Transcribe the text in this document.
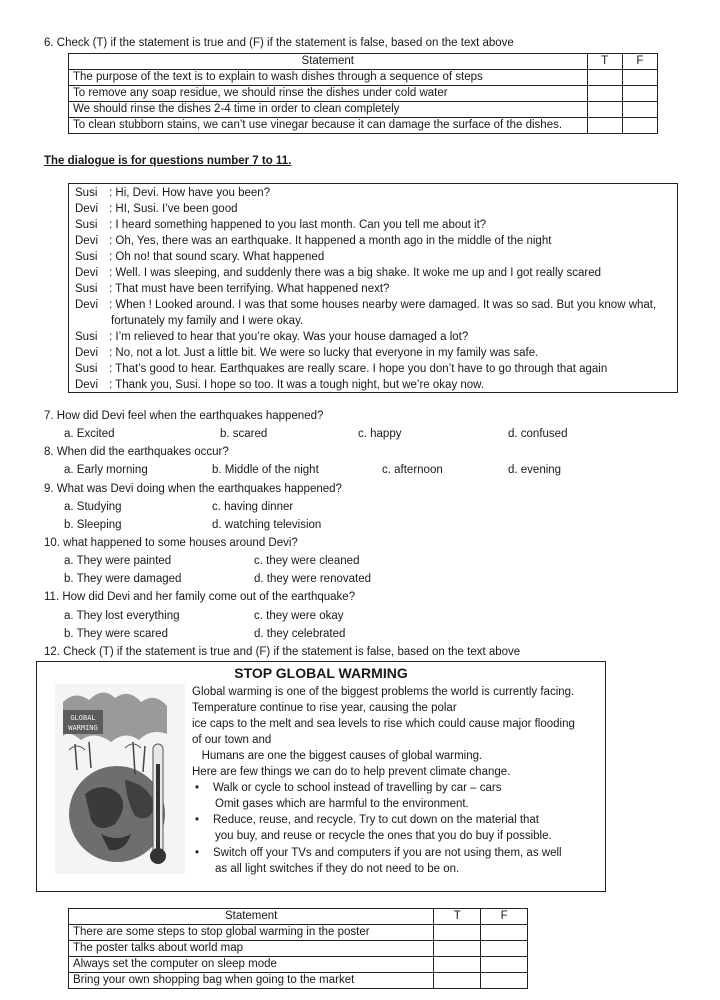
6. Check (T) if the statement is true and (F) if the statement is false, based on the text above
Statement	T	F
The purpose of the text is to explain to wash dishes through a sequence of steps		
To remove any soap residue, we should rinse the dishes under cold water		
We should rinse the dishes 2-4 time in order to clean completely		
To clean stubborn stains, we can’t use vinegar because it can damage the surface of the dishes.		
The dialogue is for questions number 7 to 11.
Susi : Hi, Devi. How have you been?
Devi : HI, Susi. I’ve been good
Susi : I heard something happened to you last month. Can you tell me about it?
Devi : Oh, Yes, there was an earthquake. It happened a month ago in the middle of the night
Susi : Oh no! that sound scary. What happened
Devi : Well. I was sleeping, and suddenly there was a big shake. It woke me up and I got really scared
Susi : That must have been terrifying. What happened next?
Devi : When ! Looked around. I was that some houses nearby were damaged. It was so sad. But you know what,
fortunately my family and I were okay.
Susi : I’m relieved to hear that you’re okay. Was your house damaged a lot?
Devi : No, not a lot. Just a little bit. We were so lucky that everyone in my family was safe.
Susi : That’s good to hear. Earthquakes are really scare. I hope you don’t have to go through that again
Devi : Thank you, Susi. I hope so too. It was a tough night, but we’re okay now.
7. How did Devi feel when the earthquakes happened?
a. Excited	b. scared	c. happy	d. confused
8. When did the earthquakes occur?
a. Early morning	b. Middle of the night	c. afternoon	d. evening
9. What was Devi doing when the earthquakes happened?
a. Studying	c. having dinner
b. Sleeping	d. watching television
10. what happened to some houses around Devi?
a. They were painted	c. they were cleaned
b. They were damaged	d. they were renovated
11. How did Devi and her family come out of the earthquake?
a. They lost everything	c. they were okay
b. They were scared	d. they celebrated
12. Check (T) if the statement is true and (F) if the statement is false, based on the text above
STOP GLOBAL WARMING
GLOBAL
WARMING
Global warming is one of the biggest problems the world is currently facing.
Temperature continue to rise year, causing the polar
ice caps to the melt and sea levels to rise which could cause major flooding
of our town and
Humans are one the biggest causes of global warming.
Here are few things we can do to help prevent climate change.
• Walk or cycle to school instead of travelling by car – cars
Omit gases which are harmful to the environment.
• Reduce, reuse, and recycle. Try to cut down on the material that
you buy, and reuse or recycle the ones that you do buy if possible.
• Switch off your TVs and computers if you are not using them, as well
as all light switches if they do not need to be on.
Statement	T	F
There are some steps to stop global warming in the poster		
The poster talks about world map		
Always set the computer on sleep mode		
Bring your own shopping bag when going to the market		
